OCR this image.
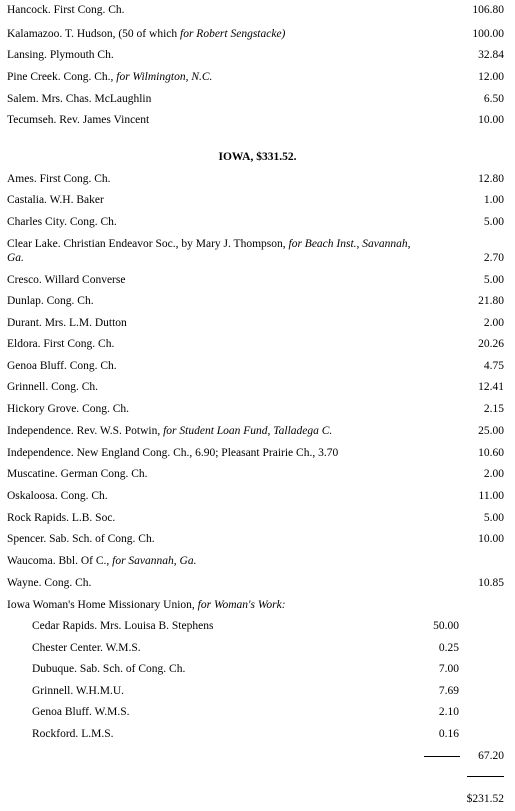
Hancock. First Cong. Ch.	106.80
Kalamazoo. T. Hudson, (50 of which for Robert Sengstacke)	100.00
Lansing. Plymouth Ch.	32.84
Pine Creek. Cong. Ch., for Wilmington, N.C.	12.00
Salem. Mrs. Chas. McLaughlin	6.50
Tecumseh. Rev. James Vincent	10.00
IOWA, $331.52.
Ames. First Cong. Ch.	12.80
Castalia. W.H. Baker	1.00
Charles City. Cong. Ch.	5.00
Clear Lake. Christian Endeavor Soc., by Mary J. Thompson, for Beach Inst., Savannah, Ga.	2.70
Cresco. Willard Converse	5.00
Dunlap. Cong. Ch.	21.80
Durant. Mrs. L.M. Dutton	2.00
Eldora. First Cong. Ch.	20.26
Genoa Bluff. Cong. Ch.	4.75
Grinnell. Cong. Ch.	12.41
Hickory Grove. Cong. Ch.	2.15
Independence. Rev. W.S. Potwin, for Student Loan Fund, Talladega C.	25.00
Independence. New England Cong. Ch., 6.90; Pleasant Prairie Ch., 3.70	10.60
Muscatine. German Cong. Ch.	2.00
Oskaloosa. Cong. Ch.	11.00
Rock Rapids. L.B. Soc.	5.00
Spencer. Sab. Sch. of Cong. Ch.	10.00
Waucoma. Bbl. Of C., for Savannah, Ga.
Wayne. Cong. Ch.	10.85
Iowa Woman's Home Missionary Union, for Woman's Work:
Cedar Rapids. Mrs. Louisa B. Stephens	50.00
Chester Center. W.M.S.	0.25
Dubuque. Sab. Sch. of Cong. Ch.	7.00
Grinnell. W.H.M.U.	7.69
Genoa Bluff. W.M.S.	2.10
Rockford. L.M.S.	0.16
67.20
$231.52
